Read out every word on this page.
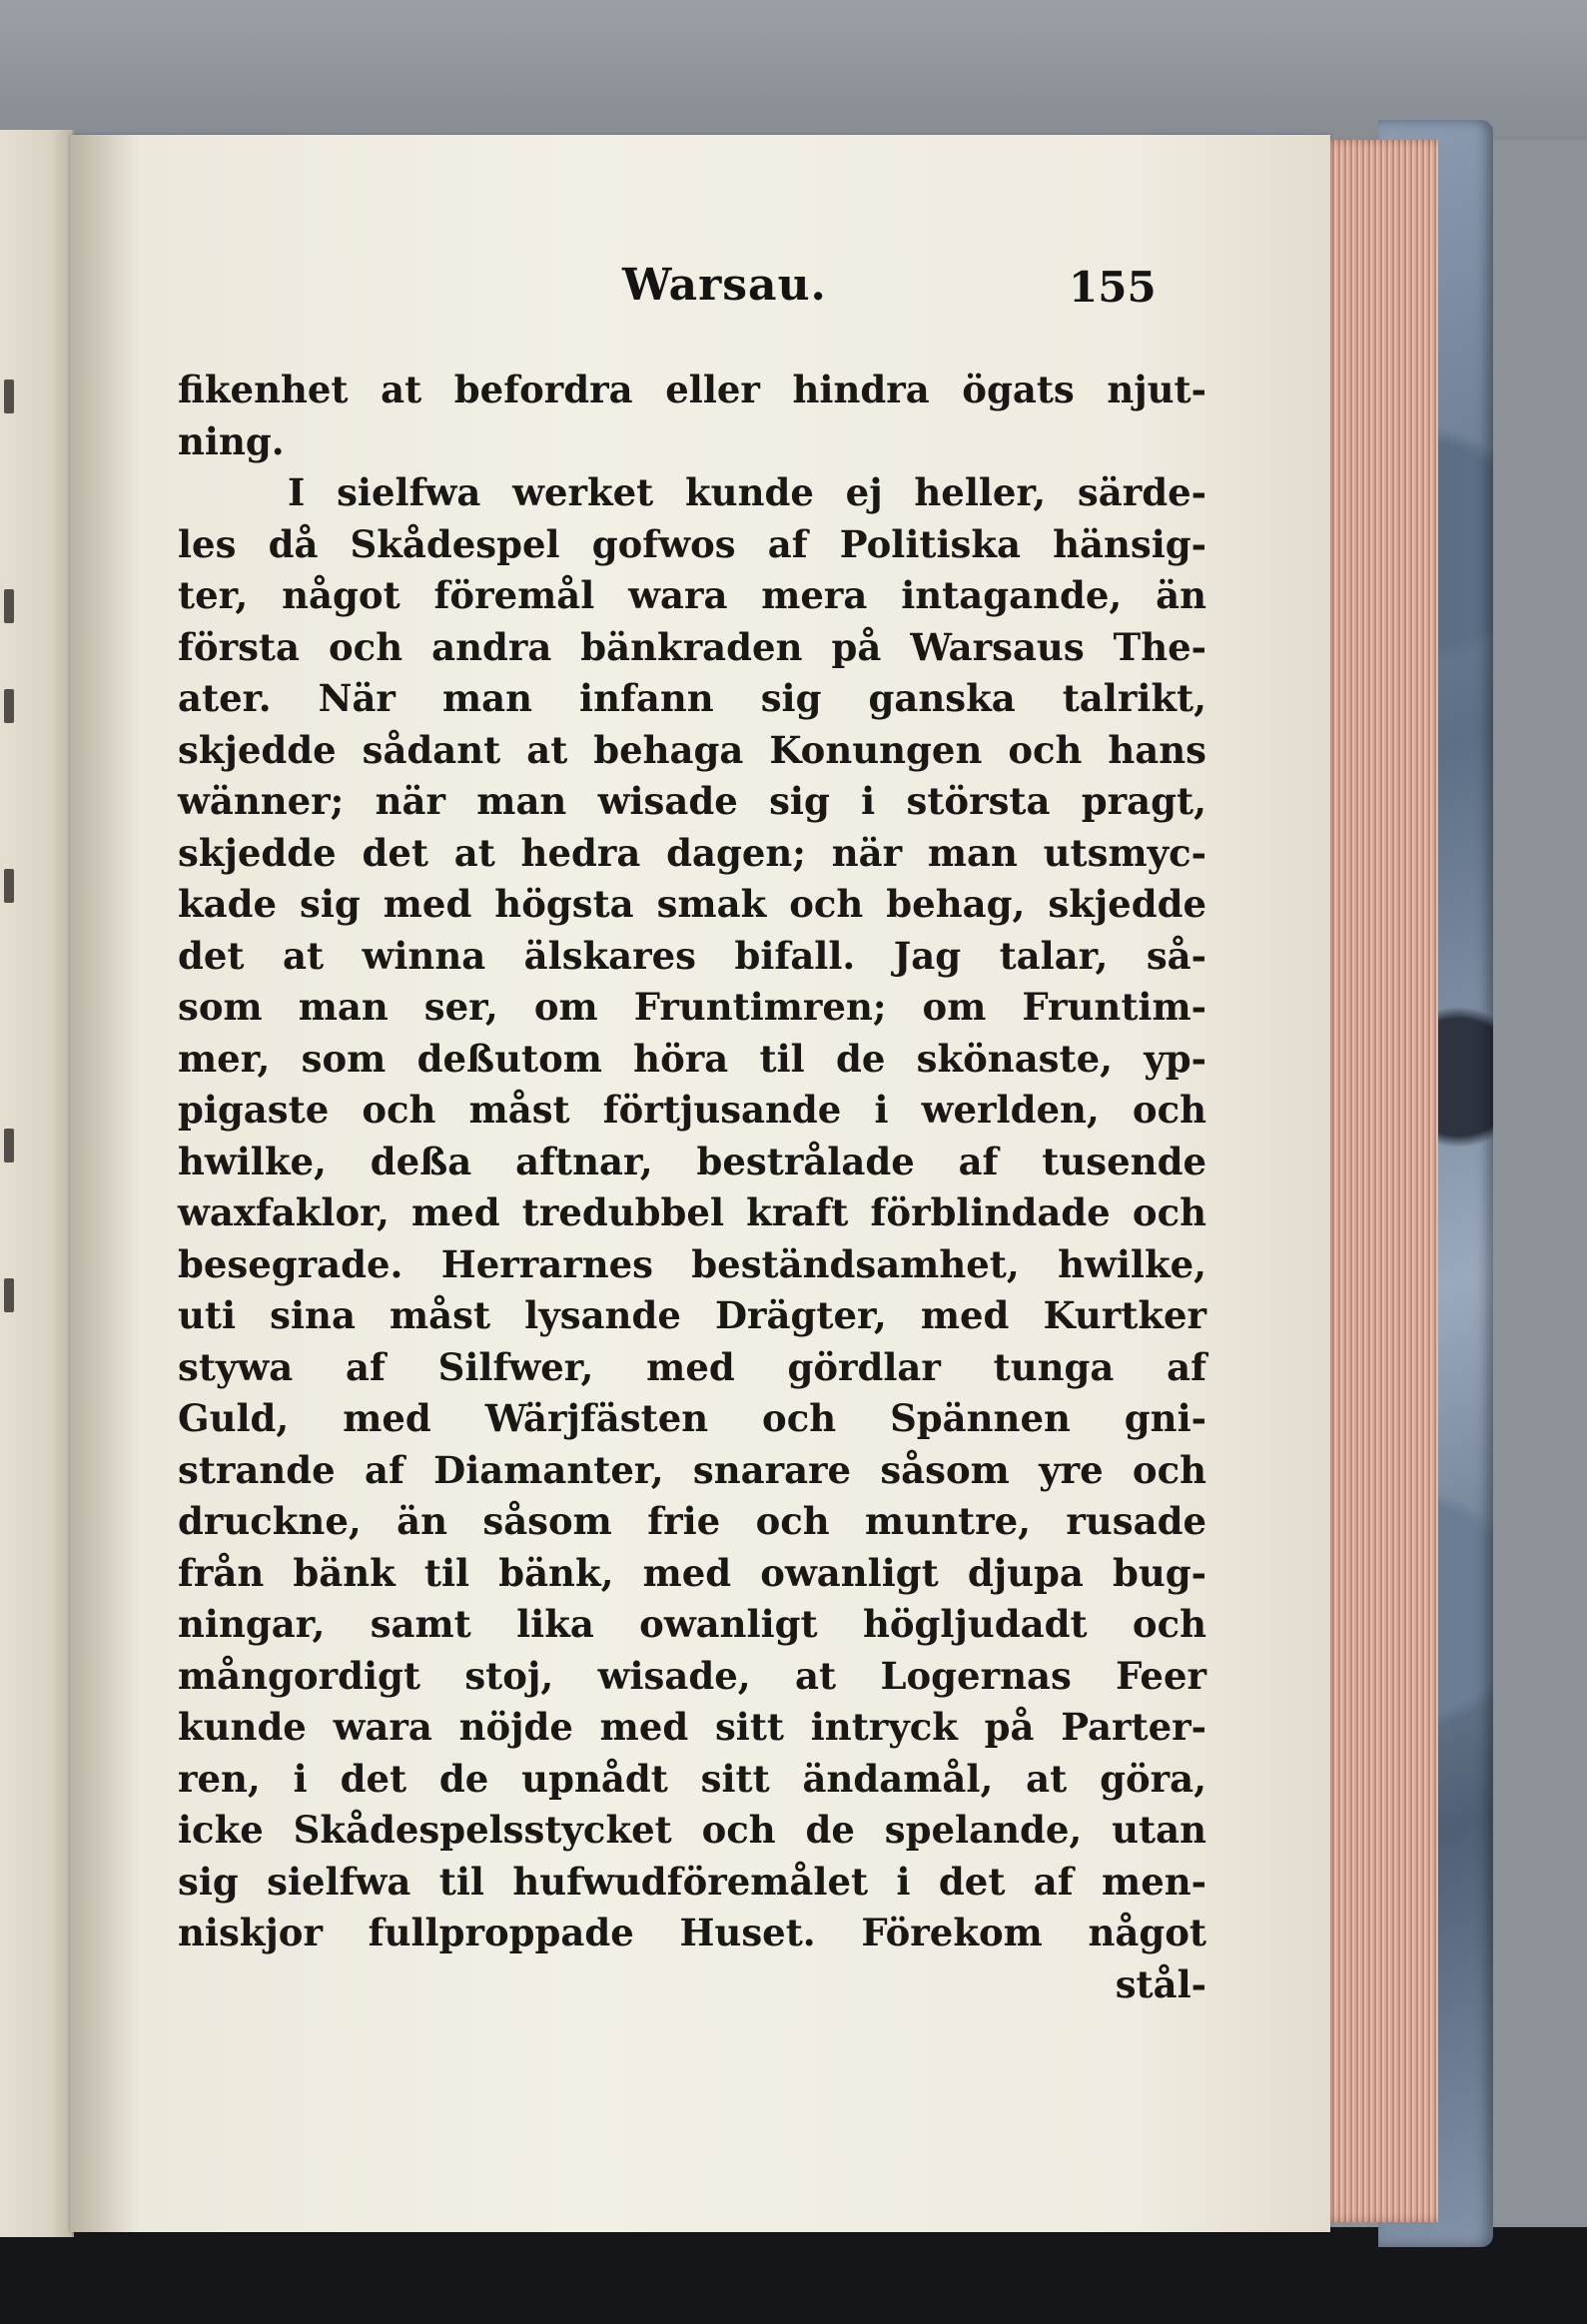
Warsau.	155
fikenhet at befordra eller hindra ögats njut-
ning.
I sielfwa werket kunde ej heller, särde-
les då Skådespel gofwos af Politiska hänsig-
ter, något föremål wara mera intagande, än
första och andra bänkraden på Warsaus The-
ater. När man infann sig ganska talrikt,
skjedde sådant at behaga Konungen och hans
wänner; när man wisade sig i största pragt,
skjedde det at hedra dagen; när man utsmyc-
kade sig med högsta smak och behag, skjedde
det at winna älskares bifall. Jag talar, så-
som man ser, om Fruntimren; om Fruntim-
mer, som deßutom höra til de skönaste, yp-
pigaste och måst förtjusande i werlden, och
hwilke, deßa aftnar, bestrålade af tusende
waxfaklor, med tredubbel kraft förblindade och
besegrade. Herrarnes beständsamhet, hwilke,
uti sina måst lysande Drägter, med Kurtker
stywa af Silfwer, med gördlar tunga af
Guld, med Wärjfästen och Spännen gni-
strande af Diamanter, snarare såsom yre och
druckne, än såsom frie och muntre, rusade
från bänk til bänk, med owanligt djupa bug-
ningar, samt lika owanligt högljudadt och
mångordigt stoj, wisade, at Logernas Feer
kunde wara nöjde med sitt intryck på Parter-
ren, i det de upnådt sitt ändamål, at göra,
icke Skådespelsstycket och de spelande, utan
sig sielfwa til hufwudföremålet i det af men-
niskjor fullproppade Huset. Förekom något
stål-
